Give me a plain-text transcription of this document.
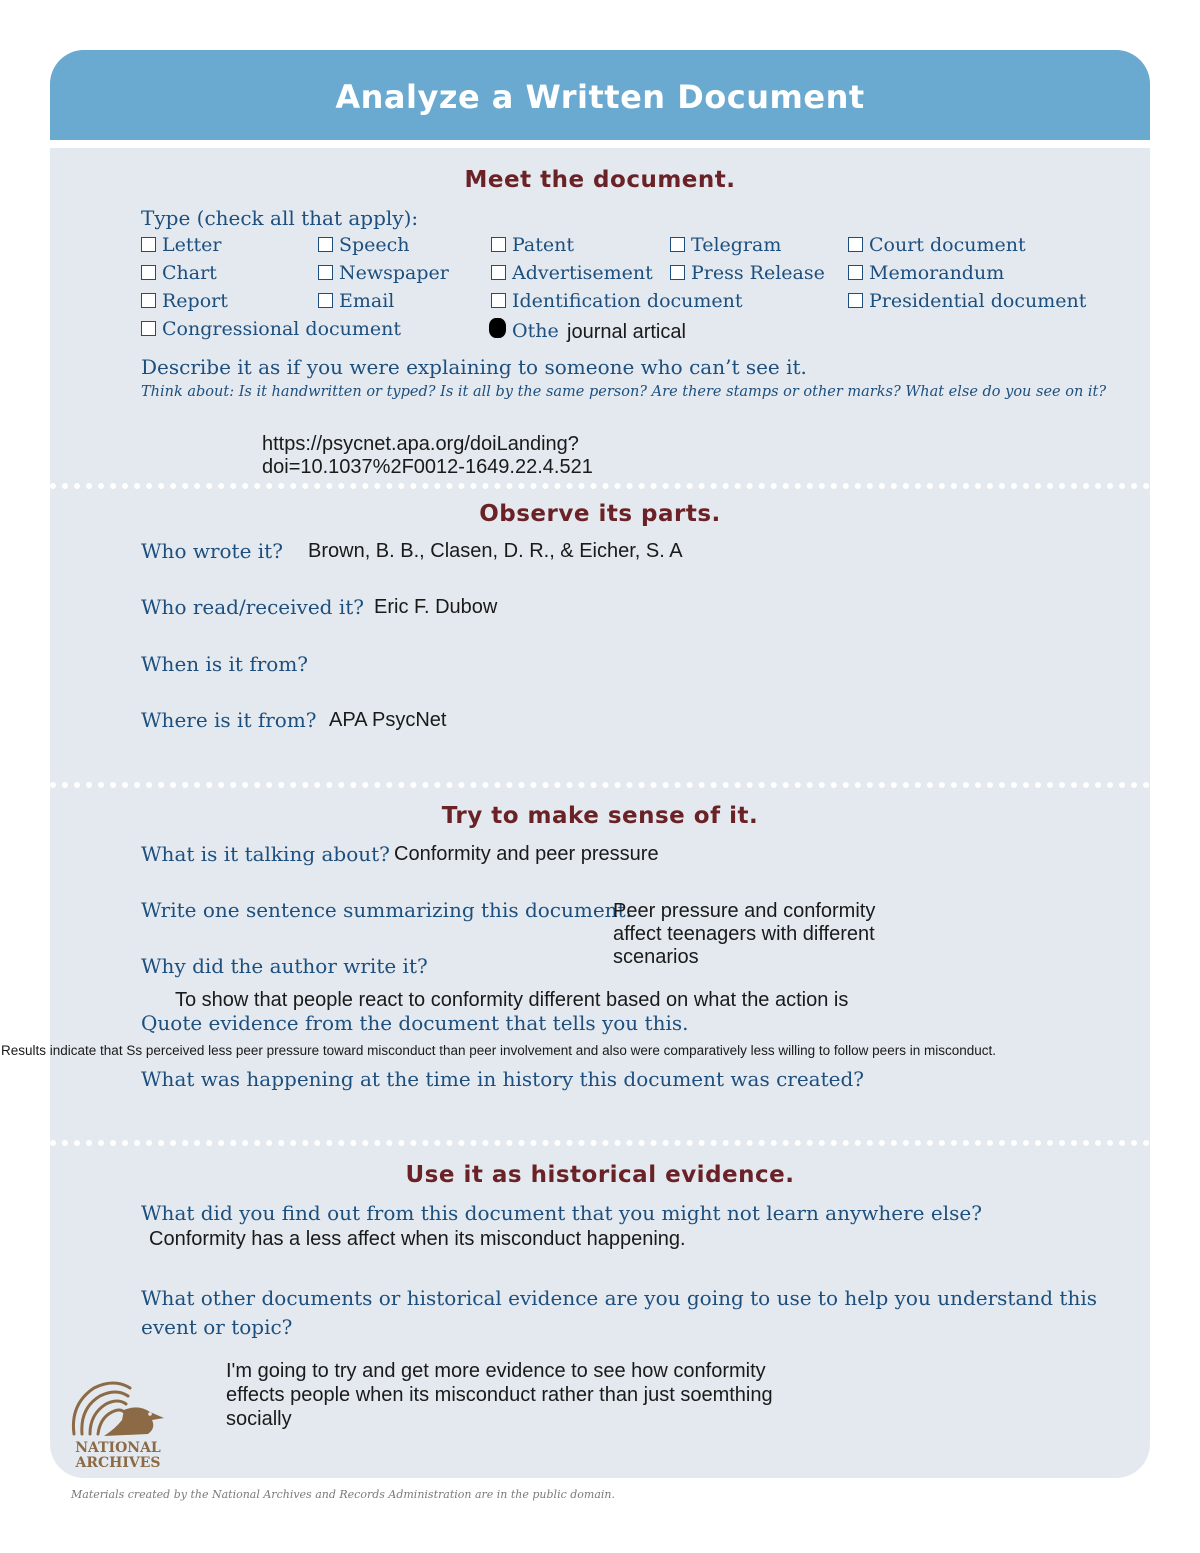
Analyze a Written Document
Meet the document.
Type (check all that apply):
Letter	Speech	Patent	Telegram	Court document
Chart	Newspaper	Advertisement	Press Release	Memorandum
Report	Email	Identification document	Presidential document
Congressional document	Othe journal artical
Describe it as if you were explaining to someone who can’t see it.
Think about: Is it handwritten or typed? Is it all by the same person? Are there stamps or other marks? What else do you see on it?
https://psycnet.apa.org/doiLanding?
doi=10.1037%2F0012-1649.22.4.521
Observe its parts.
Who wrote it? Brown, B. B., Clasen, D. R., & Eicher, S. A
Who read/received it? Eric F. Dubow
When is it from?
Where is it from? APA PsycNet
Try to make sense of it.
What is it talking about? Conformity and peer pressure
Write one sentence summarizing this document.
Peer pressure and conformity
affect teenagers with different
scenarios
Why did the author write it?
To show that people react to conformity different based on what the action is
Quote evidence from the document that tells you this.
Results indicate that Ss perceived less peer pressure toward misconduct than peer involvement and also were comparatively less willing to follow peers in misconduct.
What was happening at the time in history this document was created?
Use it as historical evidence.
What did you find out from this document that you might not learn anywhere else?
Conformity has a less affect when its misconduct happening.
What other documents or historical evidence are you going to use to help you understand this
event or topic?
I'm going to try and get more evidence to see how conformity
effects people when its misconduct rather than just soemthing
socially
NATIONAL
ARCHIVES
Materials created by the National Archives and Records Administration are in the public domain.
